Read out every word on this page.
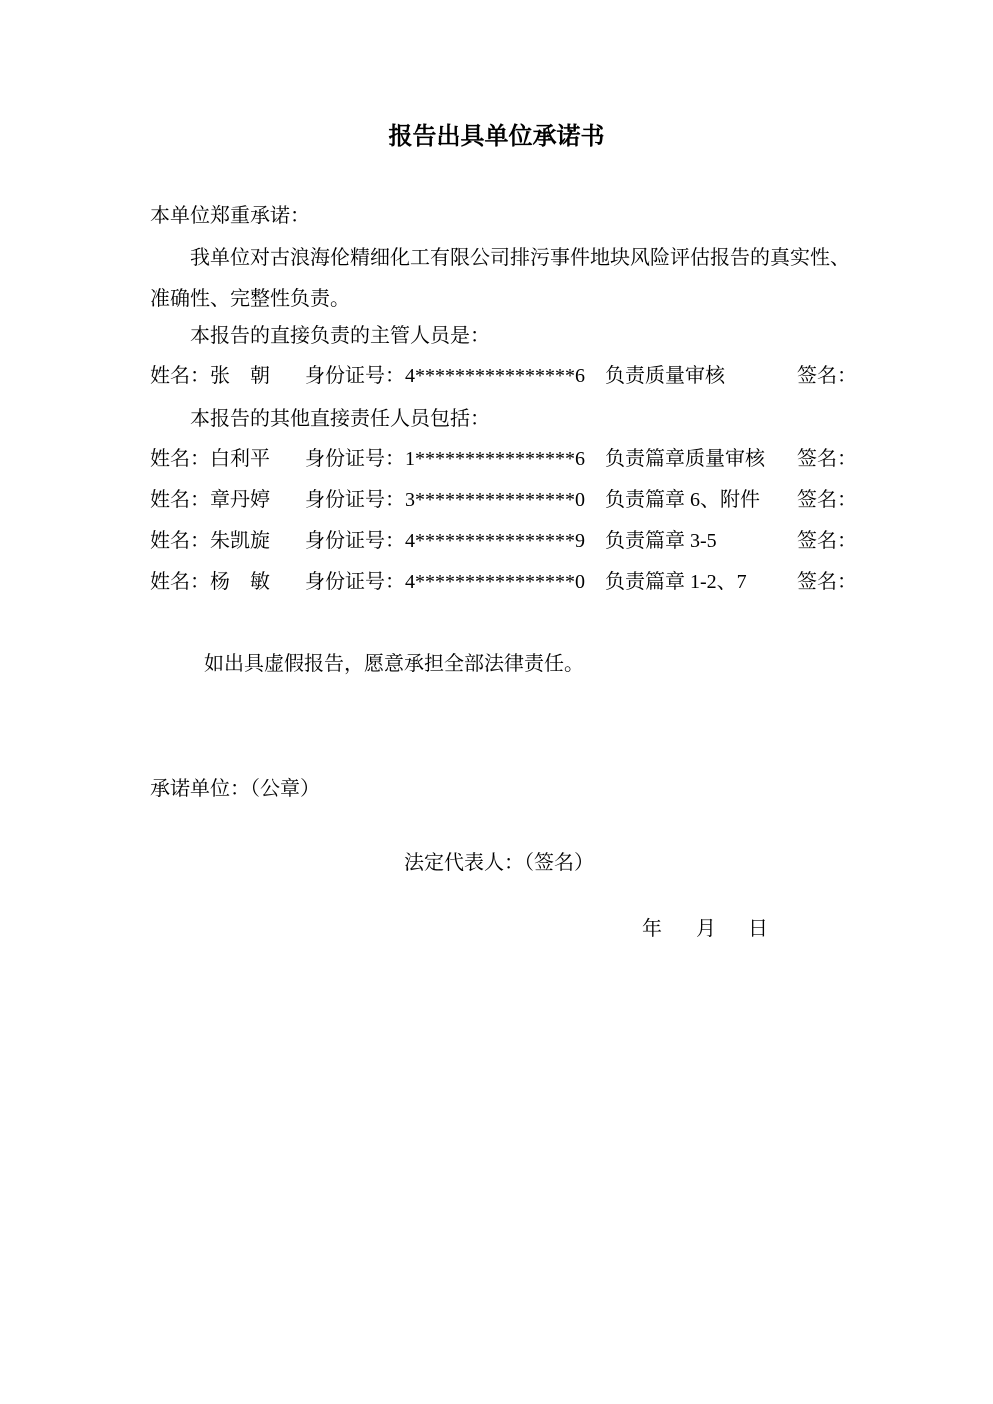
报告出具单位承诺书
本单位郑重承诺：
我单位对古浪海伦精细化工有限公司排污事件地块风险评估报告的真实性、
准确性、完整性负责。
本报告的直接负责的主管人员是：
姓名：张　朝 身份证号：4****************6 负责质量审核	签名：
本报告的其他直接责任人员包括：
姓名：白利平 身份证号：1****************6 负责篇章质量审核 签名：
姓名：章丹婷 身份证号：3****************0 负责篇章 6、附件 签名：
姓名：朱凯旋 身份证号：4****************9 负责篇章 3-5	签名：
姓名：杨　敏 身份证号：4****************0 负责篇章 1-2、7	签名：
如出具虚假报告，愿意承担全部法律责任。
承诺单位：（公章）
法定代表人：（签名）
年 月 日
